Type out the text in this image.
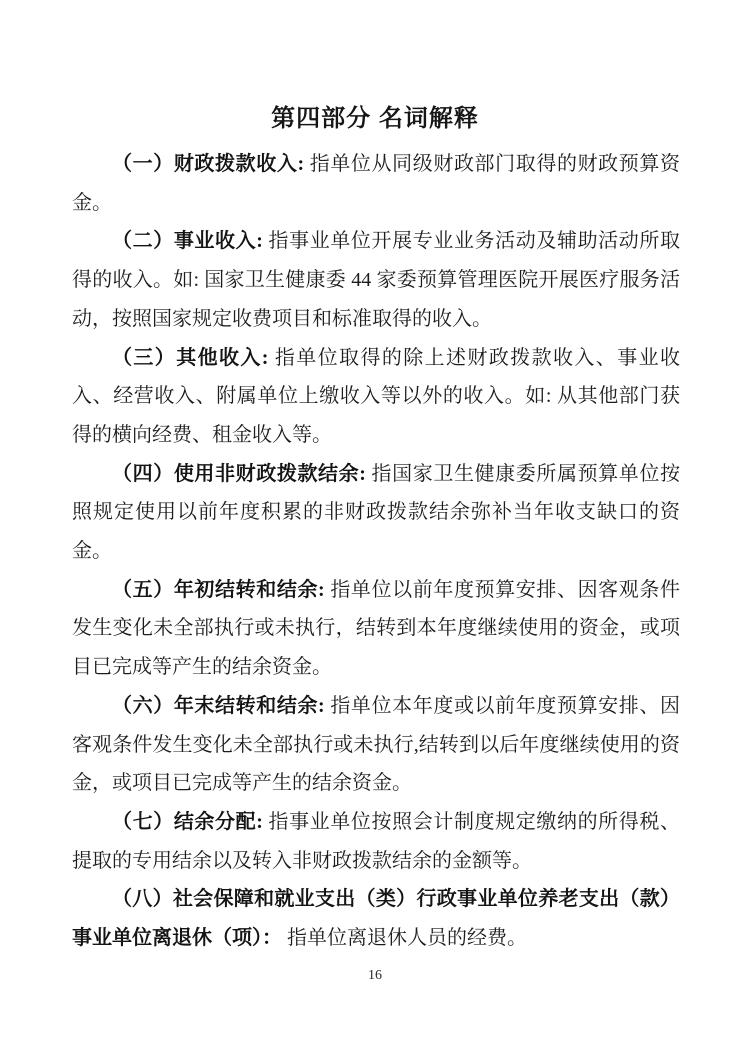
第四部分 名词解释

（一）财政拨款收入: 指单位从同级财政部门取得的财政预算资金。

（二）事业收入: 指事业单位开展专业业务活动及辅助活动所取得的收入。如: 国家卫生健康委 44 家委预算管理医院开展医疗服务活动，按照国家规定收费项目和标准取得的收入。

（三）其他收入: 指单位取得的除上述财政拨款收入、事业收入、经营收入、附属单位上缴收入等以外的收入。如: 从其他部门获得的横向经费、租金收入等。

（四）使用非财政拨款结余: 指国家卫生健康委所属预算单位按照规定使用以前年度积累的非财政拨款结余弥补当年收支缺口的资金。

（五）年初结转和结余: 指单位以前年度预算安排、因客观条件发生变化未全部执行或未执行，结转到本年度继续使用的资金，或项目已完成等产生的结余资金。

（六）年末结转和结余: 指单位本年度或以前年度预算安排、因客观条件发生变化未全部执行或未执行,结转到以后年度继续使用的资金，或项目已完成等产生的结余资金。

（七）结余分配: 指事业单位按照会计制度规定缴纳的所得税、提取的专用结余以及转入非财政拨款结余的金额等。

（八）社会保障和就业支出（类）行政事业单位养老支出（款）事业单位离退休（项）： 指单位离退休人员的经费。

16
